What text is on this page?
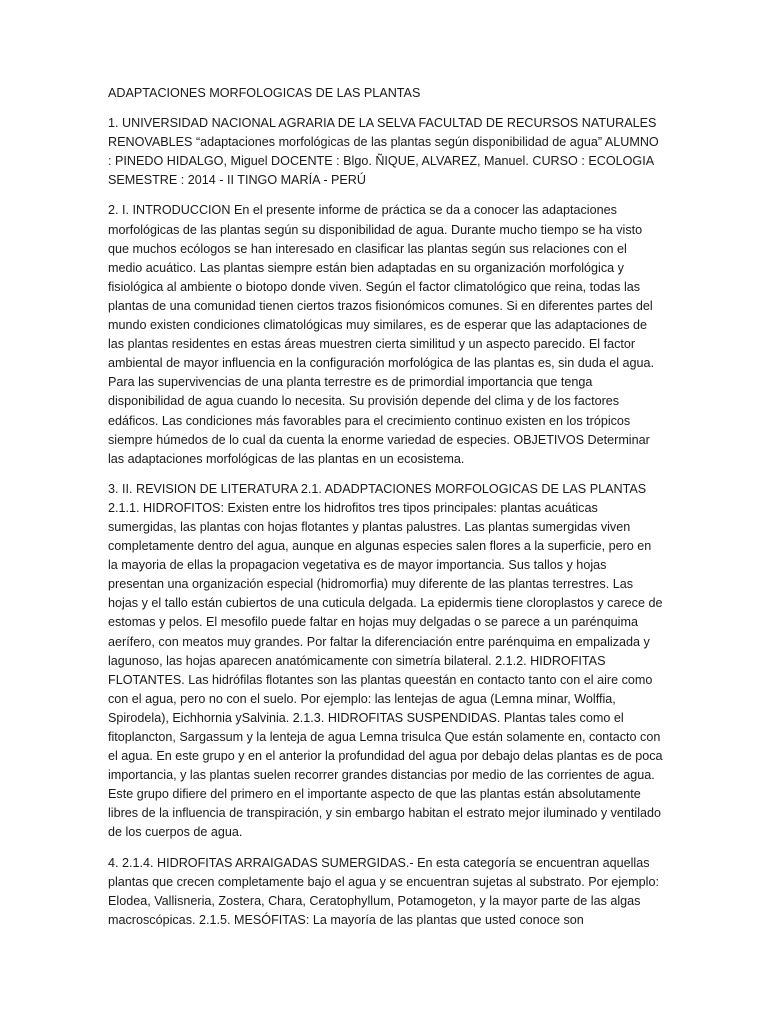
ADAPTACIONES MORFOLOGICAS DE LAS PLANTAS

1. UNIVERSIDAD NACIONAL AGRARIA DE LA SELVA FACULTAD DE RECURSOS NATURALES RENOVABLES “adaptaciones morfológicas de las plantas según disponibilidad de agua” ALUMNO : PINEDO HIDALGO, Miguel DOCENTE : Blgo. ÑIQUE, ALVAREZ, Manuel. CURSO : ECOLOGIA SEMESTRE : 2014 - II TINGO MARÍA - PERÚ

2. I. INTRODUCCION En el presente informe de práctica se da a conocer las adaptaciones morfológicas de las plantas según su disponibilidad de agua. Durante mucho tiempo se ha visto que muchos ecólogos se han interesado en clasificar las plantas según sus relaciones con el medio acuático. Las plantas siempre están bien adaptadas en su organización morfológica y fisiológica al ambiente o biotopo donde viven. Según el factor climatológico que reina, todas las plantas de una comunidad tienen ciertos trazos fisionómicos comunes. Si en diferentes partes del mundo existen condiciones climatológicas muy similares, es de esperar que las adaptaciones de las plantas residentes en estas áreas muestren cierta similitud y un aspecto parecido. El factor ambiental de mayor influencia en la configuración morfológica de las plantas es, sin duda el agua. Para las supervivencias de una planta terrestre es de primordial importancia que tenga disponibilidad de agua cuando lo necesita. Su provisión depende del clima y de los factores edáficos. Las condiciones más favorables para el crecimiento continuo existen en los trópicos siempre húmedos de lo cual da cuenta la enorme variedad de especies. OBJETIVOS Determinar las adaptaciones morfológicas de las plantas en un ecosistema.

3. II. REVISION DE LITERATURA 2.1. ADADPTACIONES MORFOLOGICAS DE LAS PLANTAS 2.1.1. HIDROFITOS: Existen entre los hidrofitos tres tipos principales: plantas acuáticas sumergidas, las plantas con hojas flotantes y plantas palustres. Las plantas sumergidas viven completamente dentro del agua, aunque en algunas especies salen flores a la superficie, pero en la mayoria de ellas la propagacion vegetativa es de mayor importancia. Sus tallos y hojas presentan una organización especial (hidromorfia) muy diferente de las plantas terrestres. Las hojas y el tallo están cubiertos de una cuticula delgada. La epidermis tiene cloroplastos y carece de estomas y pelos. El mesofilo puede faltar en hojas muy delgadas o se parece a un parénquima aerífero, con meatos muy grandes. Por faltar la diferenciación entre parénquima en empalizada y lagunoso, las hojas aparecen anatómicamente con simetría bilateral. 2.1.2. HIDROFITAS FLOTANTES. Las hidrófilas flotantes son las plantas queestán en contacto tanto con el aire como con el agua, pero no con el suelo. Por ejemplo: las lentejas de agua (Lemna minar, Wolffia, Spirodela), Eichhornia ySalvinia. 2.1.3. HIDROFITAS SUSPENDIDAS. Plantas tales como el fitoplancton, Sargassum y la lenteja de agua Lemna trisulca Que están solamente en, contacto con el agua. En este grupo y en el anterior la profundidad del agua por debajo delas plantas es de poca importancia, y las plantas suelen recorrer grandes distancias por medio de las corrientes de agua. Este grupo difiere del primero en el importante aspecto de que las plantas están absolutamente libres de la influencia de transpiración, y sin embargo habitan el estrato mejor iluminado y ventilado de los cuerpos de agua.

4. 2.1.4. HIDROFITAS ARRAIGADAS SUMERGIDAS.- En esta categoría se encuentran aquellas plantas que crecen completamente bajo el agua y se encuentran sujetas al substrato. Por ejemplo: Elodea, Vallisneria, Zostera, Chara, Ceratophyllum, Potamogeton, y la mayor parte de las algas macroscópicas. 2.1.5. MESÓFITAS: La mayoría de las plantas que usted conoce son
